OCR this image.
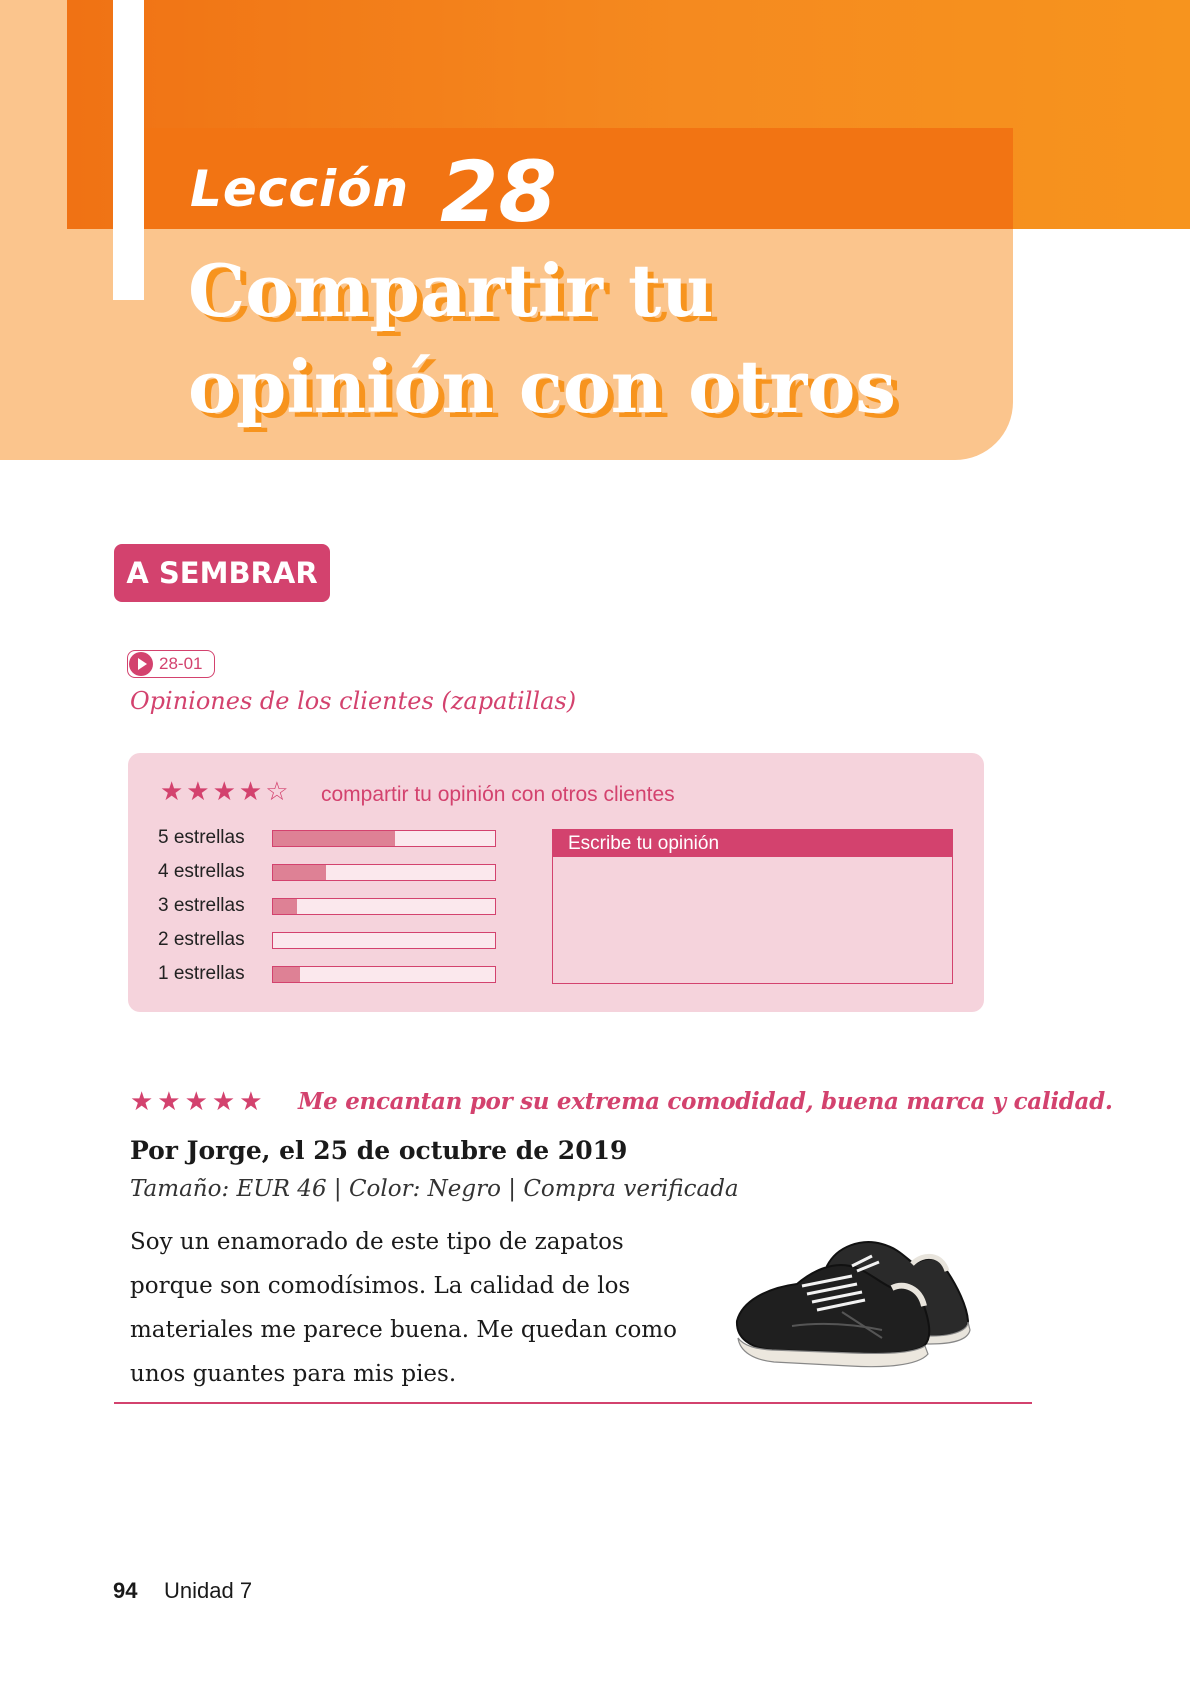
Lección 28
Compartir tu
opinión con otros
A SEMBRAR
28-01
Opiniones de los clientes (zapatillas)
★★★★☆ compartir tu opinión con otros clientes
5 estrellas
4 estrellas
3 estrellas
2 estrellas
1 estrellas
Escribe tu opinión
★★★★★ Me encantan por su extrema comodidad, buena marca y calidad.
Por Jorge, el 25 de octubre de 2019
Tamaño: EUR 46 | Color: Negro | Compra verificada
Soy un enamorado de este tipo de zapatos
porque son comodísimos. La calidad de los
materiales me parece buena. Me quedan como
unos guantes para mis pies.
94 Unidad 7
